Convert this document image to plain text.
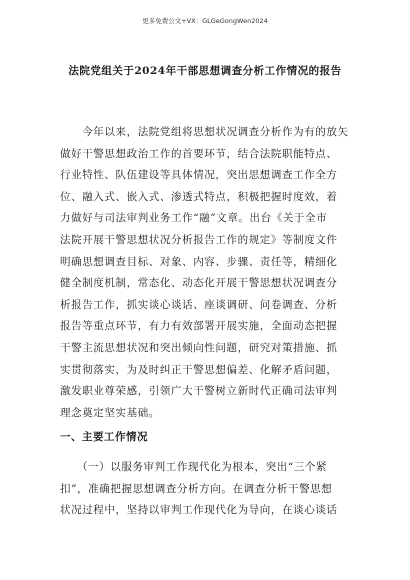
更多免费公文+VX：GLGeGongWen2024
法院党组关于2024年干部思想调查分析工作情况的报告
　　今年以来，法院党组将思想状况调查分析作为有的放矢
做好干警思想政治工作的首要环节，结合法院职能特点、
行业特性、队伍建设等具体情况，突出思想调查工作全方
位、融入式、嵌入式、渗透式特点，积极把握时度效，着
力做好与司法审判业务工作“融”文章。出台《关于全市
法院开展干警思想状况分析报告工作的规定》等制度文件
明确思想调查目标、对象、内容、步骤、责任等，精细化
健全制度机制，常态化、动态化开展干警思想状况调查分
析报告工作，抓实谈心谈话、座谈调研、问卷调查、分析
报告等重点环节，有力有效部署开展实施，全面动态把握
干警主流思想状况和突出倾向性问题，研究对策措施、抓
实贯彻落实，为及时纠正干警思想偏差、化解矛盾问题，
激发职业尊荣感，引领广大干警树立新时代正确司法审判
理念奠定坚实基础。
一、主要工作情况
　　（一）以服务审判工作现代化为根本，突出“三个紧
扣”，准确把握思想调查分析方向。在调查分析干警思想
状况过程中，坚持以审判工作现代化为导向，在谈心谈话
